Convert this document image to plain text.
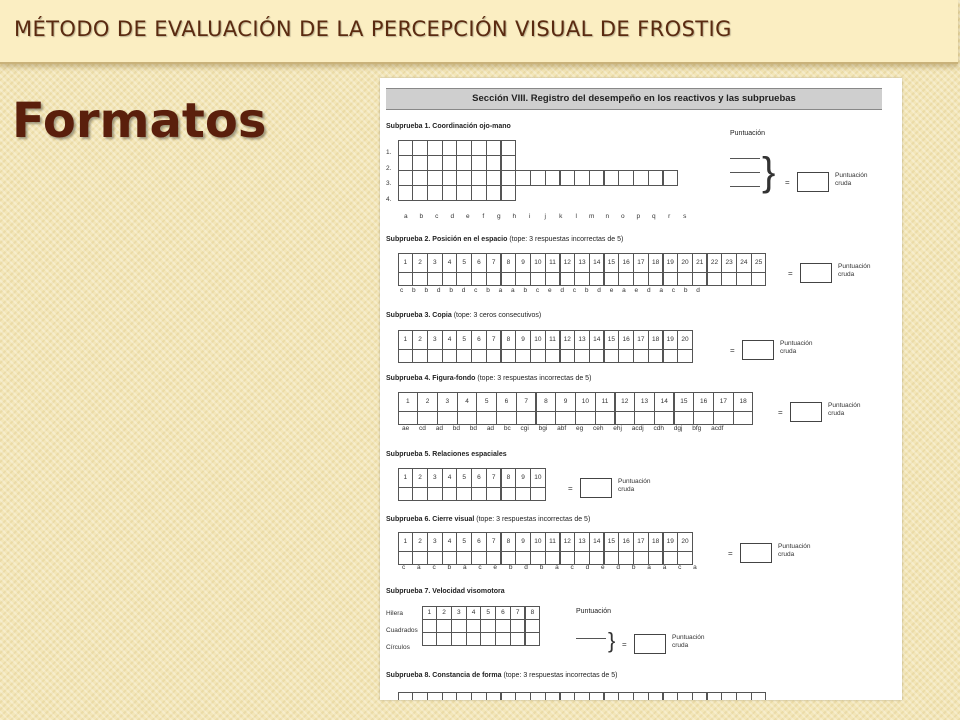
MÉTODO DE EVALUACIÓN DE LA PERCEPCIÓN VISUAL DE FROSTIG
Formatos	Sección VIII. Registro del desempeño en los reactivos y las subpruebas
Subprueba 1. Coordinación ojo-mano
1.
2.
3.
4.
a b c d e f g h i j k l m n o p q r s
Puntuación
} =
Puntuación cruda
Subprueba 2. Posición en el espacio (tope: 3 respuestas incorrectas de 5)
1	2	3	4	5	6	7	8	9	10	11	12	13	14	15	16	17	18	19	20	21	22	23	24	25
c b b d b d c b a a b c e d c b d e a e d a c b d
=
Puntuación cruda
Subprueba 3. Copia (tope: 3 ceros consecutivos)
1	2	3	4	5	6	7	8	9	10	11	12	13	14	15	16	17	18	19	20
=
Puntuación cruda
Subprueba 4. Figura-fondo (tope: 3 respuestas incorrectas de 5)
1	2	3	4	5	6	7	8	9	10	11	12	13	14	15	16	17	18
ae cd ad bd bd ad bc cgi bgi abf eg ceh ehj acdj cdh dgj bfg acdf
=
Puntuación cruda
Subprueba 5. Relaciones espaciales
1	2	3	4	5	6	7	8	9	10
=
Puntuación cruda
Subprueba 6. Cierre visual (tope: 3 respuestas incorrectas de 5)
1	2	3	4	5	6	7	8	9	10	11	12	13	14	15	16	17	18	19	20
c a c b a c e b d b a c d e d b a a c a
=
Puntuación cruda
Subprueba 7. Velocidad visomotora
Hilera
Cuadrados
Círculos
1	2	3	4	5	6	7	8	Puntuación
} =
Puntuación cruda
Subprueba 8. Constancia de forma (tope: 3 respuestas incorrectas de 5)
